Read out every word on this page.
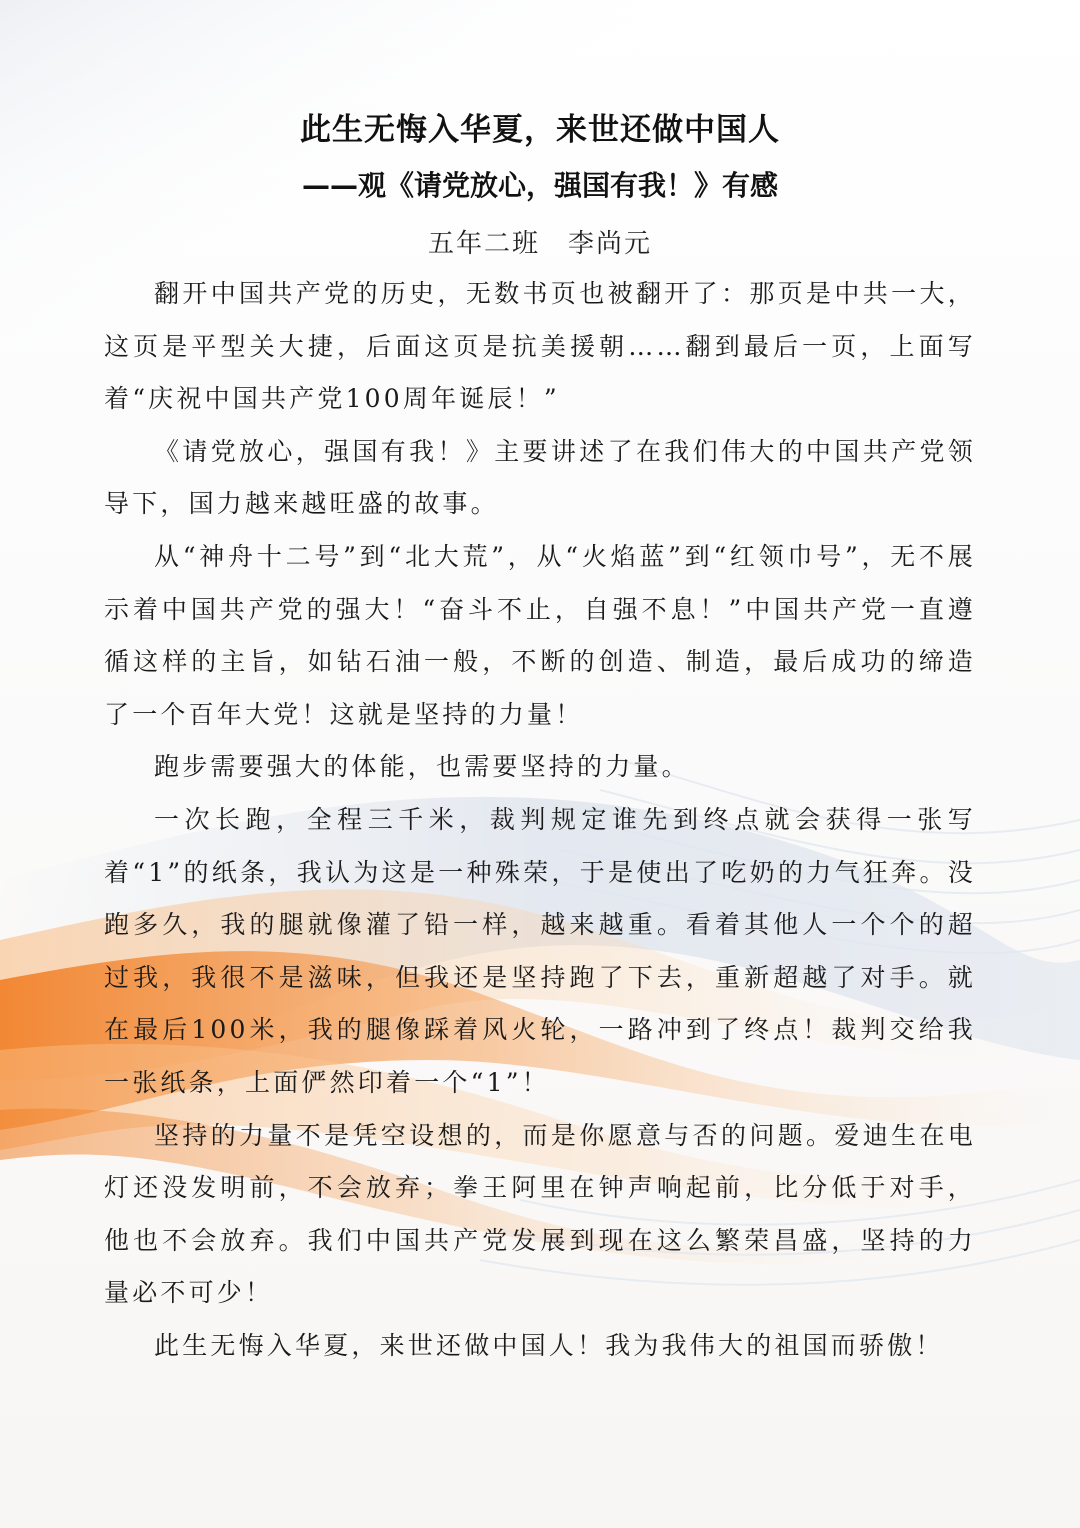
此生无悔入华夏，来世还做中国人
——观《请党放心，强国有我！》有感

五年二班　李尚元

翻开中国共产党的历史，无数书页也被翻开了：那页是中共一大，这页是平型关大捷，后面这页是抗美援朝……翻到最后一页，上面写着“庆祝中国共产党100周年诞辰！”

《请党放心，强国有我！》主要讲述了在我们伟大的中国共产党领导下，国力越来越旺盛的故事。

从“神舟十二号”到“北大荒”，从“火焰蓝”到“红领巾号”，无不展示着中国共产党的强大！“奋斗不止，自强不息！”中国共产党一直遵循这样的主旨，如钻石油一般，不断的创造、制造，最后成功的缔造了一个百年大党！这就是坚持的力量！

跑步需要强大的体能，也需要坚持的力量。

一次长跑，全程三千米，裁判规定谁先到终点就会获得一张写着“1”的纸条，我认为这是一种殊荣，于是使出了吃奶的力气狂奔。没跑多久，我的腿就像灌了铅一样，越来越重。看着其他人一个个的超过我，我很不是滋味，但我还是坚持跑了下去，重新超越了对手。就在最后100米，我的腿像踩着风火轮，一路冲到了终点！裁判交给我一张纸条，上面俨然印着一个“1”！

坚持的力量不是凭空设想的，而是你愿意与否的问题。爱迪生在电灯还没发明前，不会放弃；拳王阿里在钟声响起前，比分低于对手，他也不会放弃。我们中国共产党发展到现在这么繁荣昌盛，坚持的力量必不可少！

此生无悔入华夏，来世还做中国人！我为我伟大的祖国而骄傲！
